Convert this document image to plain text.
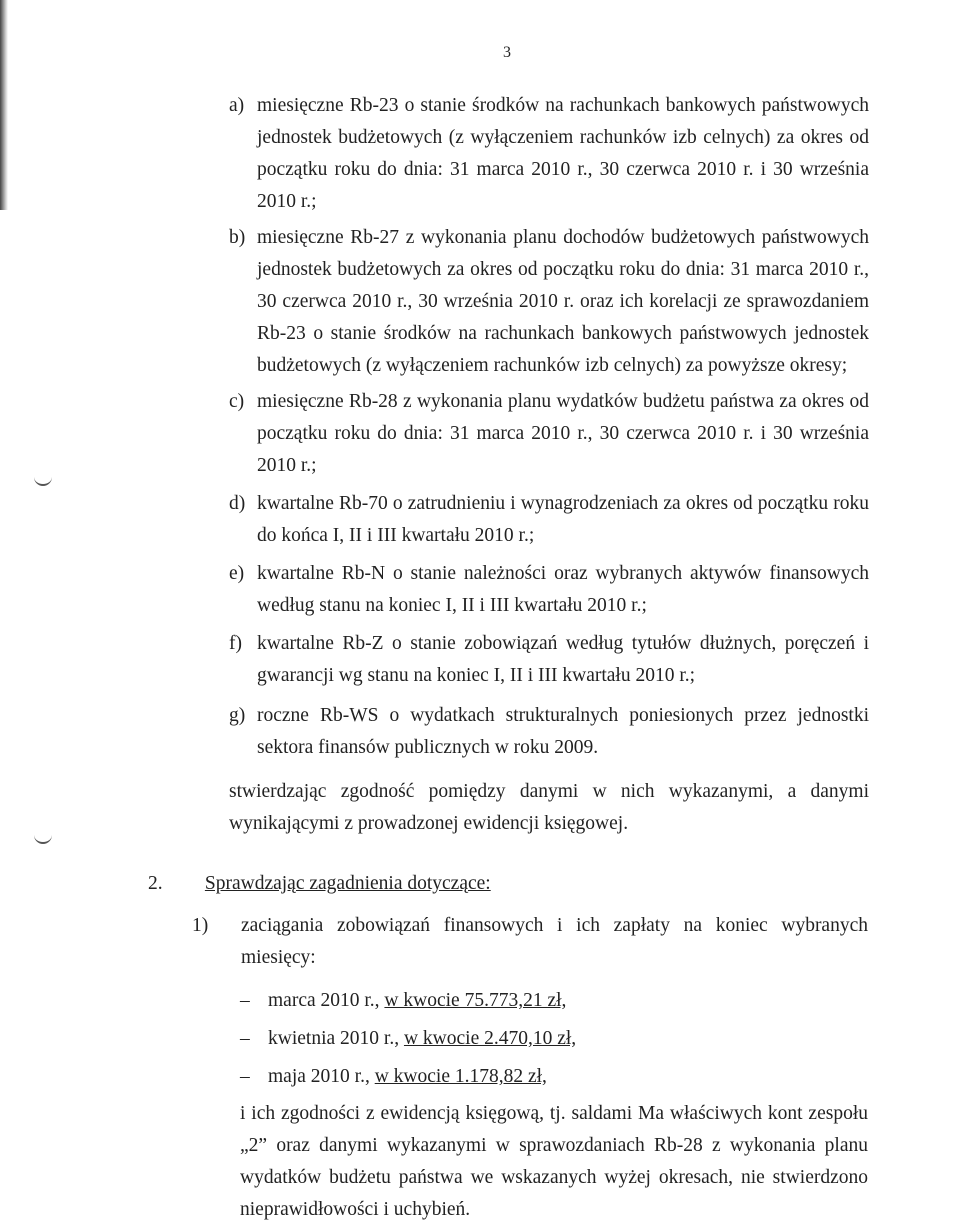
3
a) miesięczne Rb-23 o stanie środków na rachunkach bankowych państwowych jednostek budżetowych (z wyłączeniem rachunków izb celnych) za okres od początku roku do dnia: 31 marca 2010 r., 30 czerwca 2010 r. i 30 września 2010 r.;
b) miesięczne Rb-27 z wykonania planu dochodów budżetowych państwowych jednostek budżetowych za okres od początku roku do dnia: 31 marca 2010 r., 30 czerwca 2010 r., 30 września 2010 r. oraz ich korelacji ze sprawozdaniem Rb-23 o stanie środków na rachunkach bankowych państwowych jednostek budżetowych (z wyłączeniem rachunków izb celnych) za powyższe okresy;
c) miesięczne Rb-28 z wykonania planu wydatków budżetu państwa za okres od początku roku do dnia: 31 marca 2010 r., 30 czerwca 2010 r. i 30 września 2010 r.;
d) kwartalne Rb-70 o zatrudnieniu i wynagrodzeniach za okres od początku roku do końca I, II i III kwartału 2010 r.;
e) kwartalne Rb-N o stanie należności oraz wybranych aktywów finansowych według stanu na koniec I, II i III kwartału 2010 r.;
f) kwartalne Rb-Z o stanie zobowiązań według tytułów dłużnych, poręczeń i gwarancji wg stanu na koniec I, II i III kwartału 2010 r.;
g) roczne Rb-WS o wydatkach strukturalnych poniesionych przez jednostki sektora finansów publicznych w roku 2009.
stwierdzając zgodność pomiędzy danymi w nich wykazanymi, a danymi wynikającymi z prowadzonej ewidencji księgowej.
2. Sprawdzając zagadnienia dotyczące:
1) zaciągania zobowiązań finansowych i ich zapłaty na koniec wybranych miesięcy:
– marca 2010 r., w kwocie 75.773,21 zł,
– kwietnia 2010 r., w kwocie 2.470,10 zł,
– maja 2010 r., w kwocie 1.178,82 zł,
i ich zgodności z ewidencją księgową, tj. saldami Ma właściwych kont zespołu „2” oraz danymi wykazanymi w sprawozdaniach Rb-28 z wykonania planu wydatków budżetu państwa we wskazanych wyżej okresach, nie stwierdzono nieprawidłowości i uchybień.
